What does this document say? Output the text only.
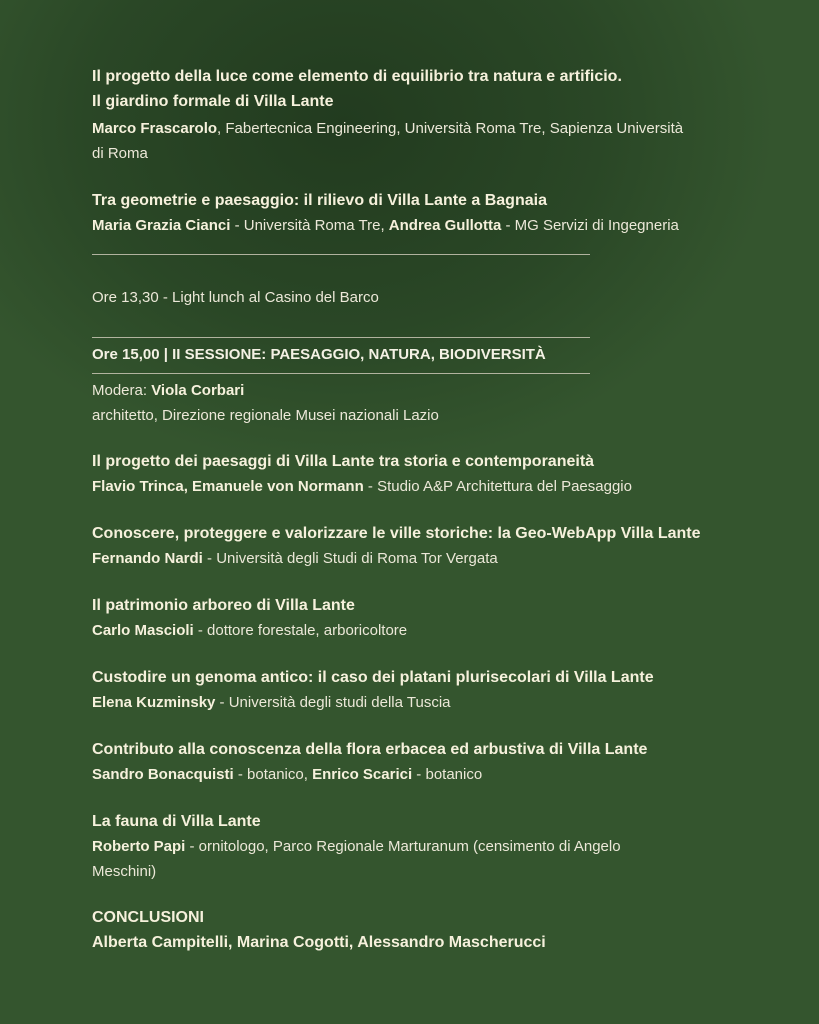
Il progetto della luce come elemento di equilibrio tra natura e artificio.
Il giardino formale di Villa Lante
Marco Frascarolo, Fabertecnica Engineering, Università Roma Tre, Sapienza Università
di Roma
Tra geometrie e paesaggio: il rilievo di Villa Lante a Bagnaia
Maria Grazia Cianci - Università Roma Tre, Andrea Gullotta - MG Servizi di Ingegneria
Ore 13,30 - Light lunch al Casino del Barco
Ore 15,00 | II SESSIONE: PAESAGGIO, NATURA, BIODIVERSITÀ
Modera: Viola Corbari
architetto, Direzione regionale Musei nazionali Lazio
Il progetto dei paesaggi di Villa Lante tra storia e contemporaneità
Flavio Trinca, Emanuele von Normann - Studio A&P Architettura del Paesaggio
Conoscere, proteggere e valorizzare le ville storiche: la Geo-WebApp Villa Lante
Fernando Nardi - Università degli Studi di Roma Tor Vergata
Il patrimonio arboreo di Villa Lante
Carlo Mascioli - dottore forestale, arboricoltore
Custodire un genoma antico: il caso dei platani plurisecolari di Villa Lante
Elena Kuzminsky - Università degli studi della Tuscia
Contributo alla conoscenza della flora erbacea ed arbustiva di Villa Lante
Sandro Bonacquisti - botanico, Enrico Scarici - botanico
La fauna di Villa Lante
Roberto Papi - ornitologo, Parco Regionale Marturanum (censimento di Angelo
Meschini)
CONCLUSIONI
Alberta Campitelli, Marina Cogotti, Alessandro Mascherucci
